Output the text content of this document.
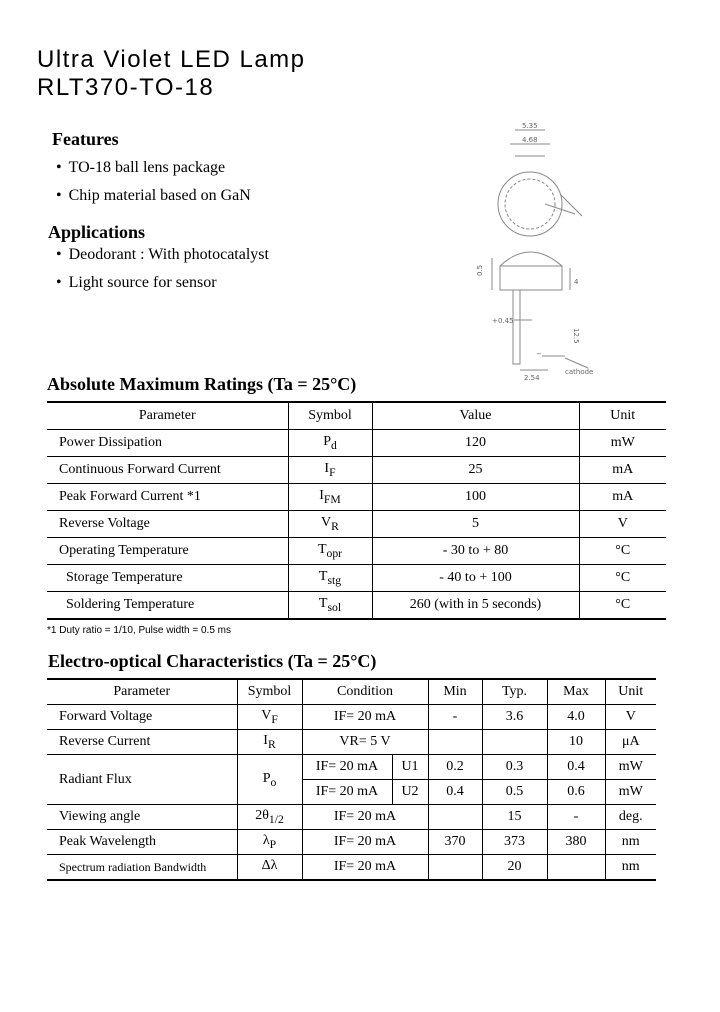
Ultra Violet LED Lamp
RLT370-TO-18
Features
• TO-18 ball lens package
• Chip material based on GaN
Applications
• Deodorant : With photocatalyst
• Light source for sensor
5.35
4.68
0.5
4
0.45
12.5
2.54
cathode
+
−
Absolute Maximum Ratings (Ta = 25°C)
Parameter	Symbol	Value	Unit
Power Dissipation	$P_d$	120	mW
Continuous Forward Current	$I_F$	25	mA
Peak Forward Current *1	$I_{FM}$	100	mA
Reverse Voltage	$V_R$	5	V
Operating Temperature	$T_{opr}$	- 30 to + 80	°C
Storage Temperature	$T_{stg}$	- 40 to + 100	°C
Soldering Temperature	$T_{sol}$	260 (with in 5 seconds)	°C
*1 Duty ratio = 1/10, Pulse width = 0.5 ms
Electro-optical Characteristics (Ta = 25°C)
Parameter	Symbol	Condition		Min	Typ.	Max	Unit
Forward Voltage	$V_F$	IF= 20 mA		-	3.6	4.0	V
Reverse Current	$I_R$	VR= 5 V				10	μA
Radiant Flux	$P_o$	IF= 20 mA	U1	0.2	0.3	0.4	mW
		IF= 20 mA	U2	0.4	0.5	0.6	mW
Viewing angle	$2\theta_{1/2}$	IF= 20 mA			15	-	deg.
Peak Wavelength	$\lambda_P$	IF= 20 mA		370	373	380	nm
Spectrum radiation Bandwidth	Δλ	IF= 20 mA			20		nm
